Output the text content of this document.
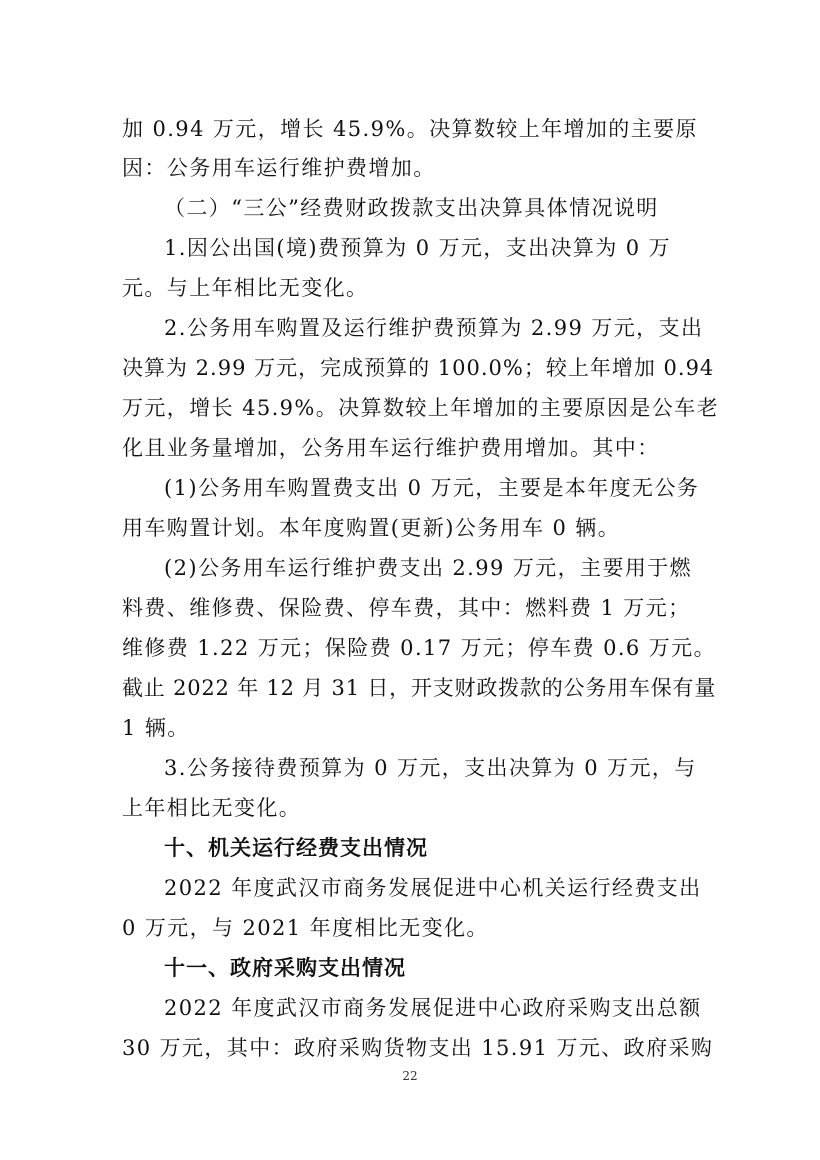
加 0.94 万元，增长 45.9%。决算数较上年增加的主要原
因：公务用车运行维护费增加。
（二）“三公”经费财政拨款支出决算具体情况说明
1.因公出国(境)费预算为 0 万元，支出决算为 0 万
元。与上年相比无变化。
2.公务用车购置及运行维护费预算为 2.99 万元，支出
决算为 2.99 万元，完成预算的 100.0%；较上年增加 0.94
万元，增长 45.9%。决算数较上年增加的主要原因是公车老
化且业务量增加，公务用车运行维护费用增加。其中：
(1)公务用车购置费支出 0 万元，主要是本年度无公务
用车购置计划。本年度购置(更新)公务用车 0 辆。
(2)公务用车运行维护费支出 2.99 万元，主要用于燃
料费、维修费、保险费、停车费，其中：燃料费 1 万元；
维修费 1.22 万元；保险费 0.17 万元；停车费 0.6 万元。
截止 2022 年 12 月 31 日，开支财政拨款的公务用车保有量
1 辆。
3.公务接待费预算为 0 万元，支出决算为 0 万元，与
上年相比无变化。
十、机关运行经费支出情况
2022 年度武汉市商务发展促进中心机关运行经费支出
0 万元，与 2021 年度相比无变化。
十一、政府采购支出情况
2022 年度武汉市商务发展促进中心政府采购支出总额
30 万元，其中：政府采购货物支出 15.91 万元、政府采购
22
